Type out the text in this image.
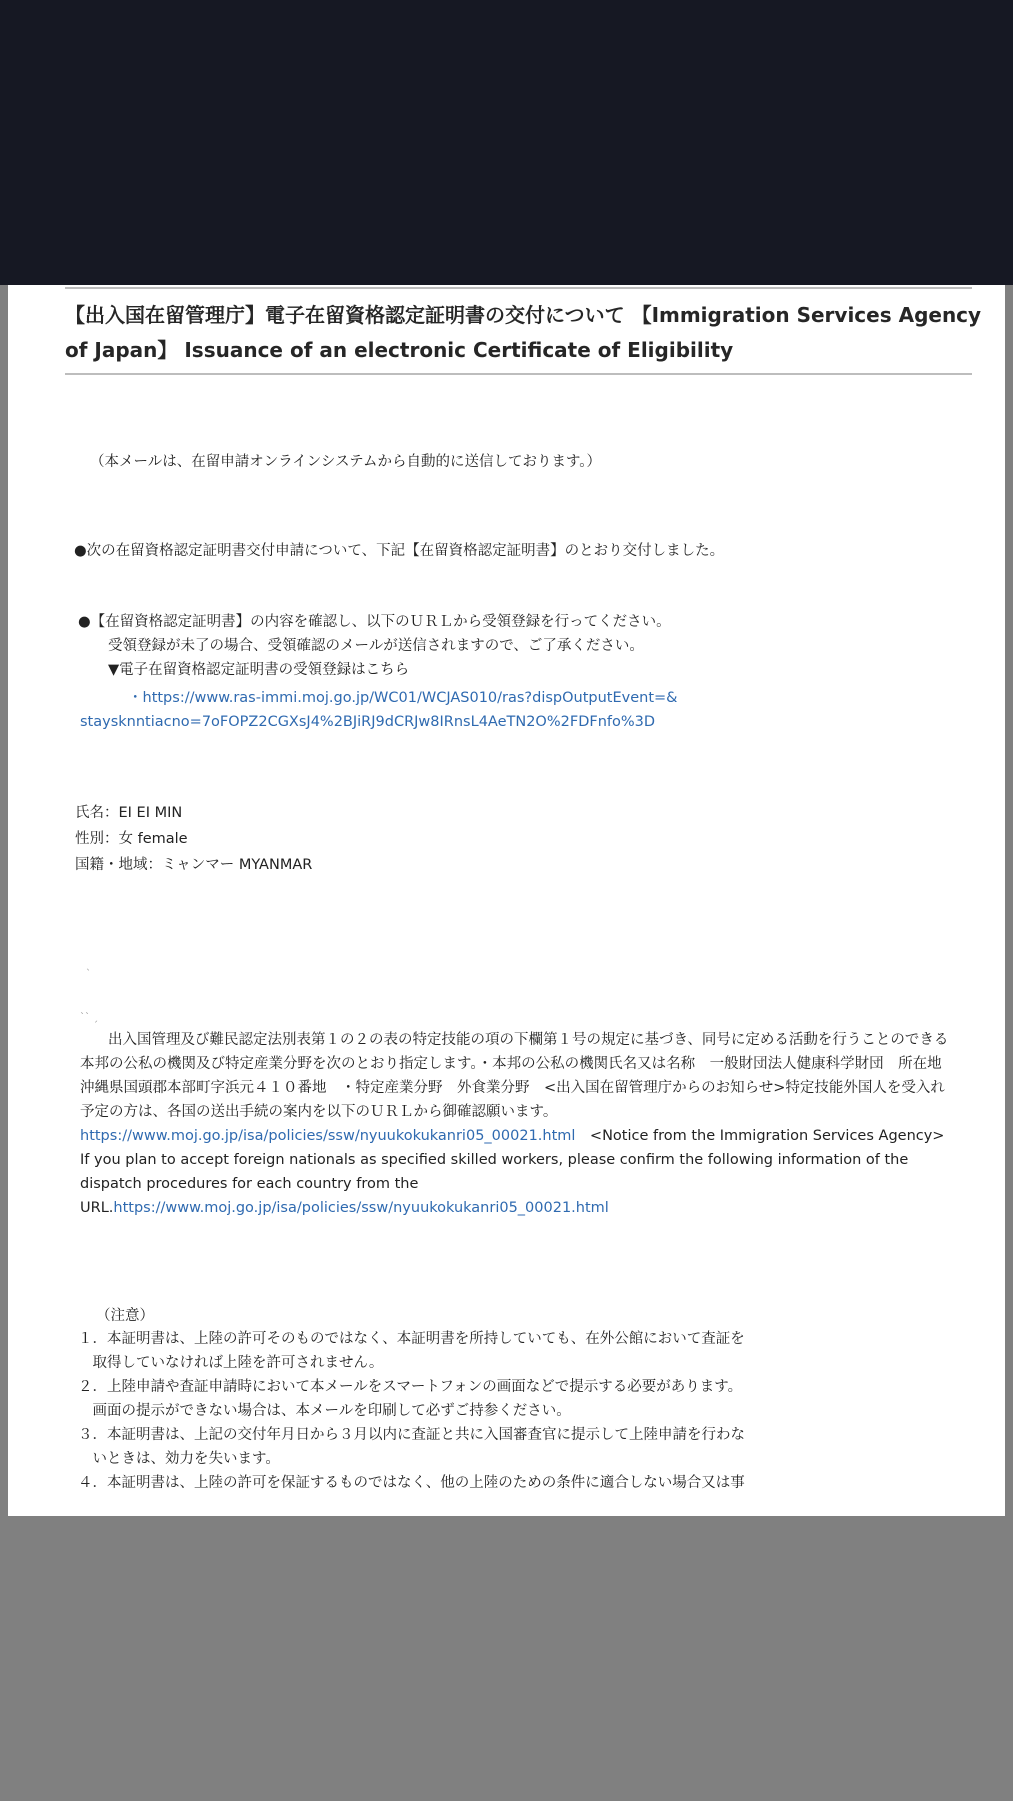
【出入国在留管理庁】電子在留資格認定証明書の交付について 【Immigration Services Agency of Japan】 Issuance of an electronic Certificate of Eligibility

（本メールは、在留申請オンラインシステムから自動的に送信しております。）

●次の在留資格認定証明書交付申請について、下記【在留資格認定証明書】のとおり交付しました。

●【在留資格認定証明書】の内容を確認し、以下のＵＲＬから受領登録を行ってください。

受領登録が未了の場合、受領確認のメールが送信されますので、ご了承ください。

▼電子在留資格認定証明書の受領登録はこちら

・https://www.ras-immi.moj.go.jp/WC01/WCJAS010/ras?dispOutputEvent=&

staysknntiacno=7oFOPZ2CGXsJ4%2BJiRJ9dCRJw8IRnsL4AeTN2O%2FDFnfo%3D

氏名：EI EI MIN

性別：女 female

国籍・地域：ミャンマー MYANMAR

ˎ
ˋˋ ˏ

出入国管理及び難民認定法別表第１の２の表の特定技能の項の下欄第１号の規定に基づき、同号に定める活動を行うことのできる本邦の公私の機関及び特定産業分野を次のとおり指定します。・本邦の公私の機関氏名又は名称　一般財団法人健康科学財団　所在地　沖縄県国頭郡本部町字浜元４１０番地　・特定産業分野　外食業分野　<出入国在留管理庁からのお知らせ>特定技能外国人を受入れ予定の方は、各国の送出手続の案内を以下のＵＲＬから御確認願います。https://www.moj.go.jp/isa/policies/ssw/nyuukokukanri05_00021.html　<Notice from the Immigration Services Agency> If you plan to accept foreign nationals as specified skilled workers, please confirm the following information of the dispatch procedures for each country from the URL.https://www.moj.go.jp/isa/policies/ssw/nyuukokukanri05_00021.html

（注意）

１．本証明書は、上陸の許可そのものではなく、本証明書を所持していても、在外公館において査証を

　取得していなければ上陸を許可されません。

２．上陸申請や査証申請時において本メールをスマートフォンの画面などで提示する必要があります。

　画面の提示ができない場合は、本メールを印刷して必ずご持参ください。

３．本証明書は、上記の交付年月日から３月以内に査証と共に入国審査官に提示して上陸申請を行わな

　いときは、効力を失います。

４．本証明書は、上陸の許可を保証するものではなく、他の上陸のための条件に適合しない場合又は事
